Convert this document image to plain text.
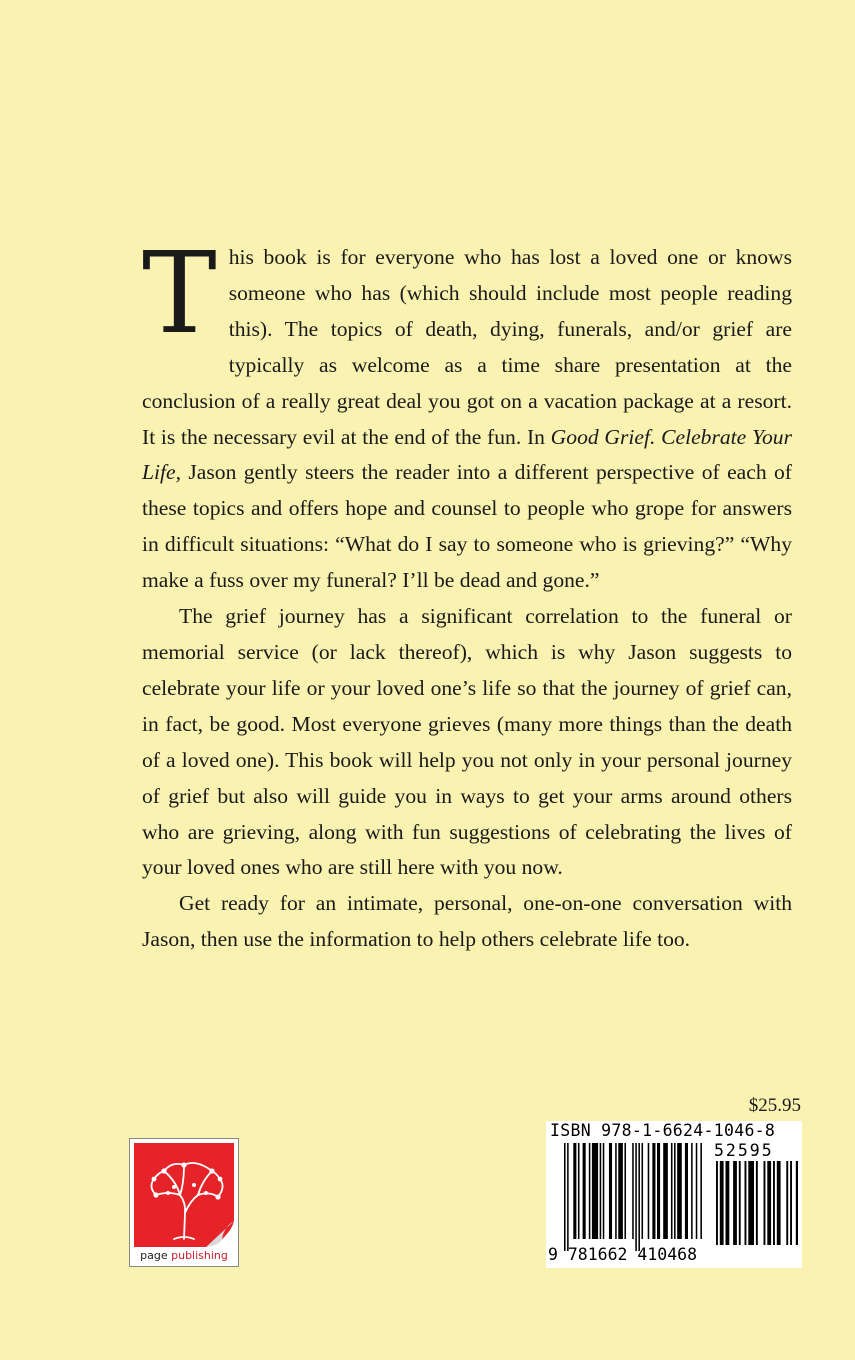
This book is for everyone who has lost a loved one or knows someone who has (which should include most people reading this). The topics of death, dying, funerals, and/or grief are typically as welcome as a time share presentation at the conclusion of a really great deal you got on a vacation package at a resort. It is the necessary evil at the end of the fun. In Good Grief. Celebrate Your Life, Jason gently steers the reader into a different perspective of each of these topics and offers hope and counsel to people who grope for answers in difficult situations: “What do I say to someone who is grieving?” “Why make a fuss over my funeral? I’ll be dead and gone.”

The grief journey has a significant correlation to the funeral or memorial service (or lack thereof), which is why Jason suggests to celebrate your life or your loved one’s life so that the journey of grief can, in fact, be good. Most everyone grieves (many more things than the death of a loved one). This book will help you not only in your personal journey of grief but also will guide you in ways to get your arms around others who are grieving, along with fun suggestions of celebrating the lives of your loved ones who are still here with you now.

Get ready for an intimate, personal, one-on-one conversation with Jason, then use the information to help others celebrate life too.

$25.95
page publishing
ISBN 978-1-6624-1046-8
52595
9 781662 410468
